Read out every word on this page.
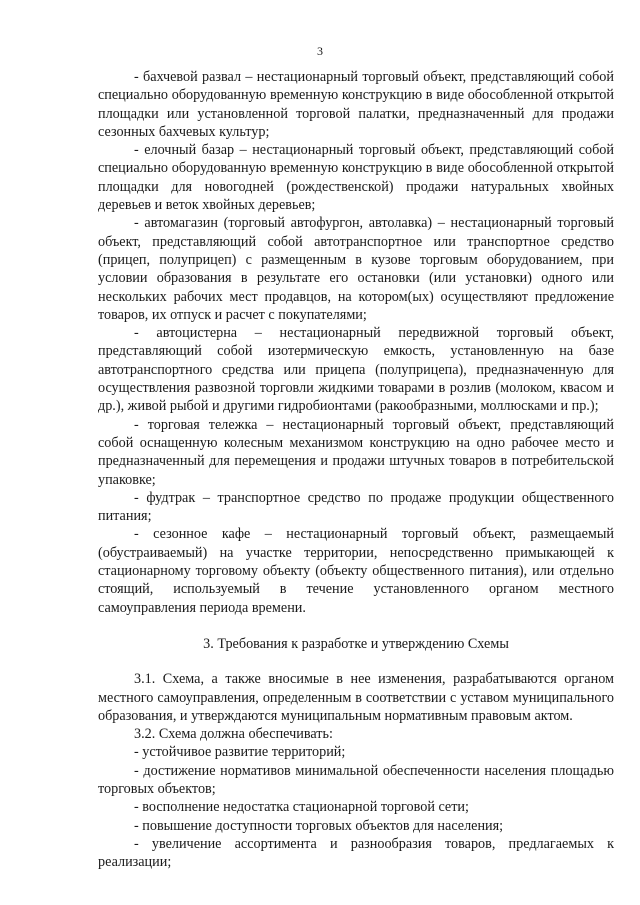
3

- бахчевой развал – нестационарный торговый объект, представляющий собой специально оборудованную временную конструкцию в виде обособленной открытой площадки или установленной торговой палатки, предназначенный для продажи сезонных бахчевых культур;

- елочный базар – нестационарный торговый объект, представляющий собой специально оборудованную временную конструкцию в виде обособленной открытой площадки для новогодней (рождественской) продажи натуральных хвойных деревьев и веток хвойных деревьев;

- автомагазин (торговый автофургон, автолавка) – нестационарный торговый объект, представляющий собой автотранспортное или транспортное средство (прицеп, полуприцеп) с размещенным в кузове торговым оборудованием, при условии образования в результате его остановки (или установки) одного или нескольких рабочих мест продавцов, на котором(ых) осуществляют предложение товаров, их отпуск и расчет с покупателями;

- автоцистерна – нестационарный передвижной торговый объект, представляющий собой изотермическую емкость, установленную на базе автотранспортного средства или прицепа (полуприцепа), предназначенную для осуществления развозной торговли жидкими товарами в розлив (молоком, квасом и др.), живой рыбой и другими гидробионтами (ракообразными, моллюсками и пр.);

- торговая тележка – нестационарный торговый объект, представляющий собой оснащенную колесным механизмом конструкцию на одно рабочее место и предназначенный для перемещения и продажи штучных товаров в потребительской упаковке;

- фудтрак – транспортное средство по продаже продукции общественного питания;

- сезонное кафе – нестационарный торговый объект, размещаемый (обустраиваемый) на участке территории, непосредственно примыкающей к стационарному торговому объекту (объекту общественного питания), или отдельно стоящий, используемый в течение установленного органом местного самоуправления периода времени.

3. Требования к разработке и утверждению Схемы

3.1. Схема, а также вносимые в нее изменения, разрабатываются органом местного самоуправления, определенным в соответствии с уставом муниципального образования, и утверждаются муниципальным нормативным правовым актом.

3.2. Схема должна обеспечивать:

- устойчивое развитие территорий;

- достижение нормативов минимальной обеспеченности населения площадью торговых объектов;

- восполнение недостатка стационарной торговой сети;

- повышение доступности торговых объектов для населения;

- увеличение ассортимента и разнообразия товаров, предлагаемых к реализации;
